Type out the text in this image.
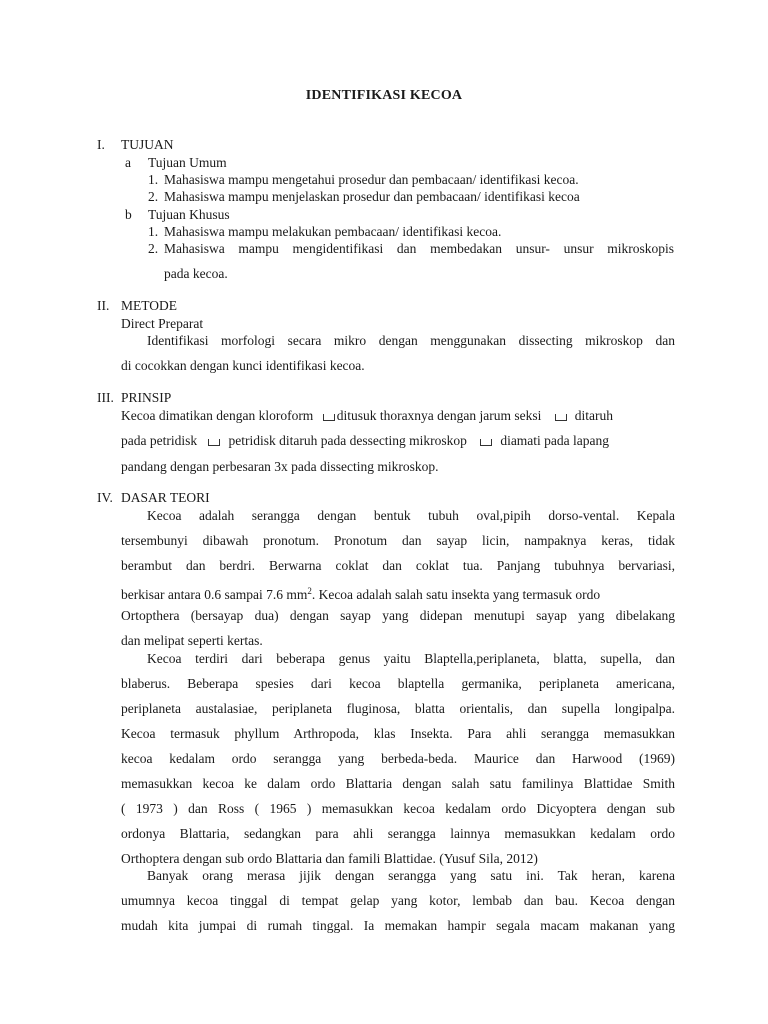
IDENTIFIKASI KECOA
I. TUJUAN
a Tujuan Umum
1. Mahasiswa mampu mengetahui prosedur dan pembacaan/ identifikasi kecoa.
2. Mahasiswa mampu menjelaskan prosedur dan pembacaan/ identifikasi kecoa
b Tujuan Khusus
1. Mahasiswa mampu melakukan pembacaan/ identifikasi kecoa.
2. Mahasiswa mampu mengidentifikasi dan membedakan unsur- unsur mikroskopis
pada kecoa.
II. METODE
Direct Preparat
Identifikasi morfologi secara mikro dengan menggunakan dissecting mikroskop dan
di cocokkan dengan kunci identifikasi kecoa.
III. PRINSIP
Kecoa dimatikan dengan kloroform ditusuk thoraxnya dengan jarum seksi ditaruh
pada petridisk petridisk ditaruh pada dessecting mikroskop diamati pada lapang
pandang dengan perbesaran 3x pada dissecting mikroskop.
IV. DASAR TEORI
Kecoa adalah serangga dengan bentuk tubuh oval,pipih dorso-vental. Kepala
tersembunyi dibawah pronotum. Pronotum dan sayap licin, nampaknya keras, tidak
berambut dan berdri. Berwarna coklat dan coklat tua. Panjang tubuhnya bervariasi,
berkisar antara 0.6 sampai 7.6 $mm^2$. Kecoa adalah salah satu insekta yang termasuk ordo
Ortopthera (bersayap dua) dengan sayap yang didepan menutupi sayap yang dibelakang
dan melipat seperti kertas.
Kecoa terdiri dari beberapa genus yaitu Blaptella,periplaneta, blatta, supella, dan
blaberus. Beberapa spesies dari kecoa blaptella germanika, periplaneta americana,
periplaneta austalasiae, periplaneta fluginosa, blatta orientalis, dan supella longipalpa.
Kecoa termasuk phyllum Arthropoda, klas Insekta. Para ahli serangga memasukkan
kecoa kedalam ordo serangga yang berbeda-beda. Maurice dan Harwood (1969)
memasukkan kecoa ke dalam ordo Blattaria dengan salah satu familinya Blattidae Smith
( 1973 ) dan Ross ( 1965 ) memasukkan kecoa kedalam ordo Dicyoptera dengan sub
ordonya Blattaria, sedangkan para ahli serangga lainnya memasukkan kedalam ordo
Orthoptera dengan sub ordo Blattaria dan famili Blattidae. (Yusuf Sila, 2012)
Banyak orang merasa jijik dengan serangga yang satu ini. Tak heran, karena
umumnya kecoa tinggal di tempat gelap yang kotor, lembab dan bau. Kecoa dengan
mudah kita jumpai di rumah tinggal. Ia memakan hampir segala macam makanan yang
